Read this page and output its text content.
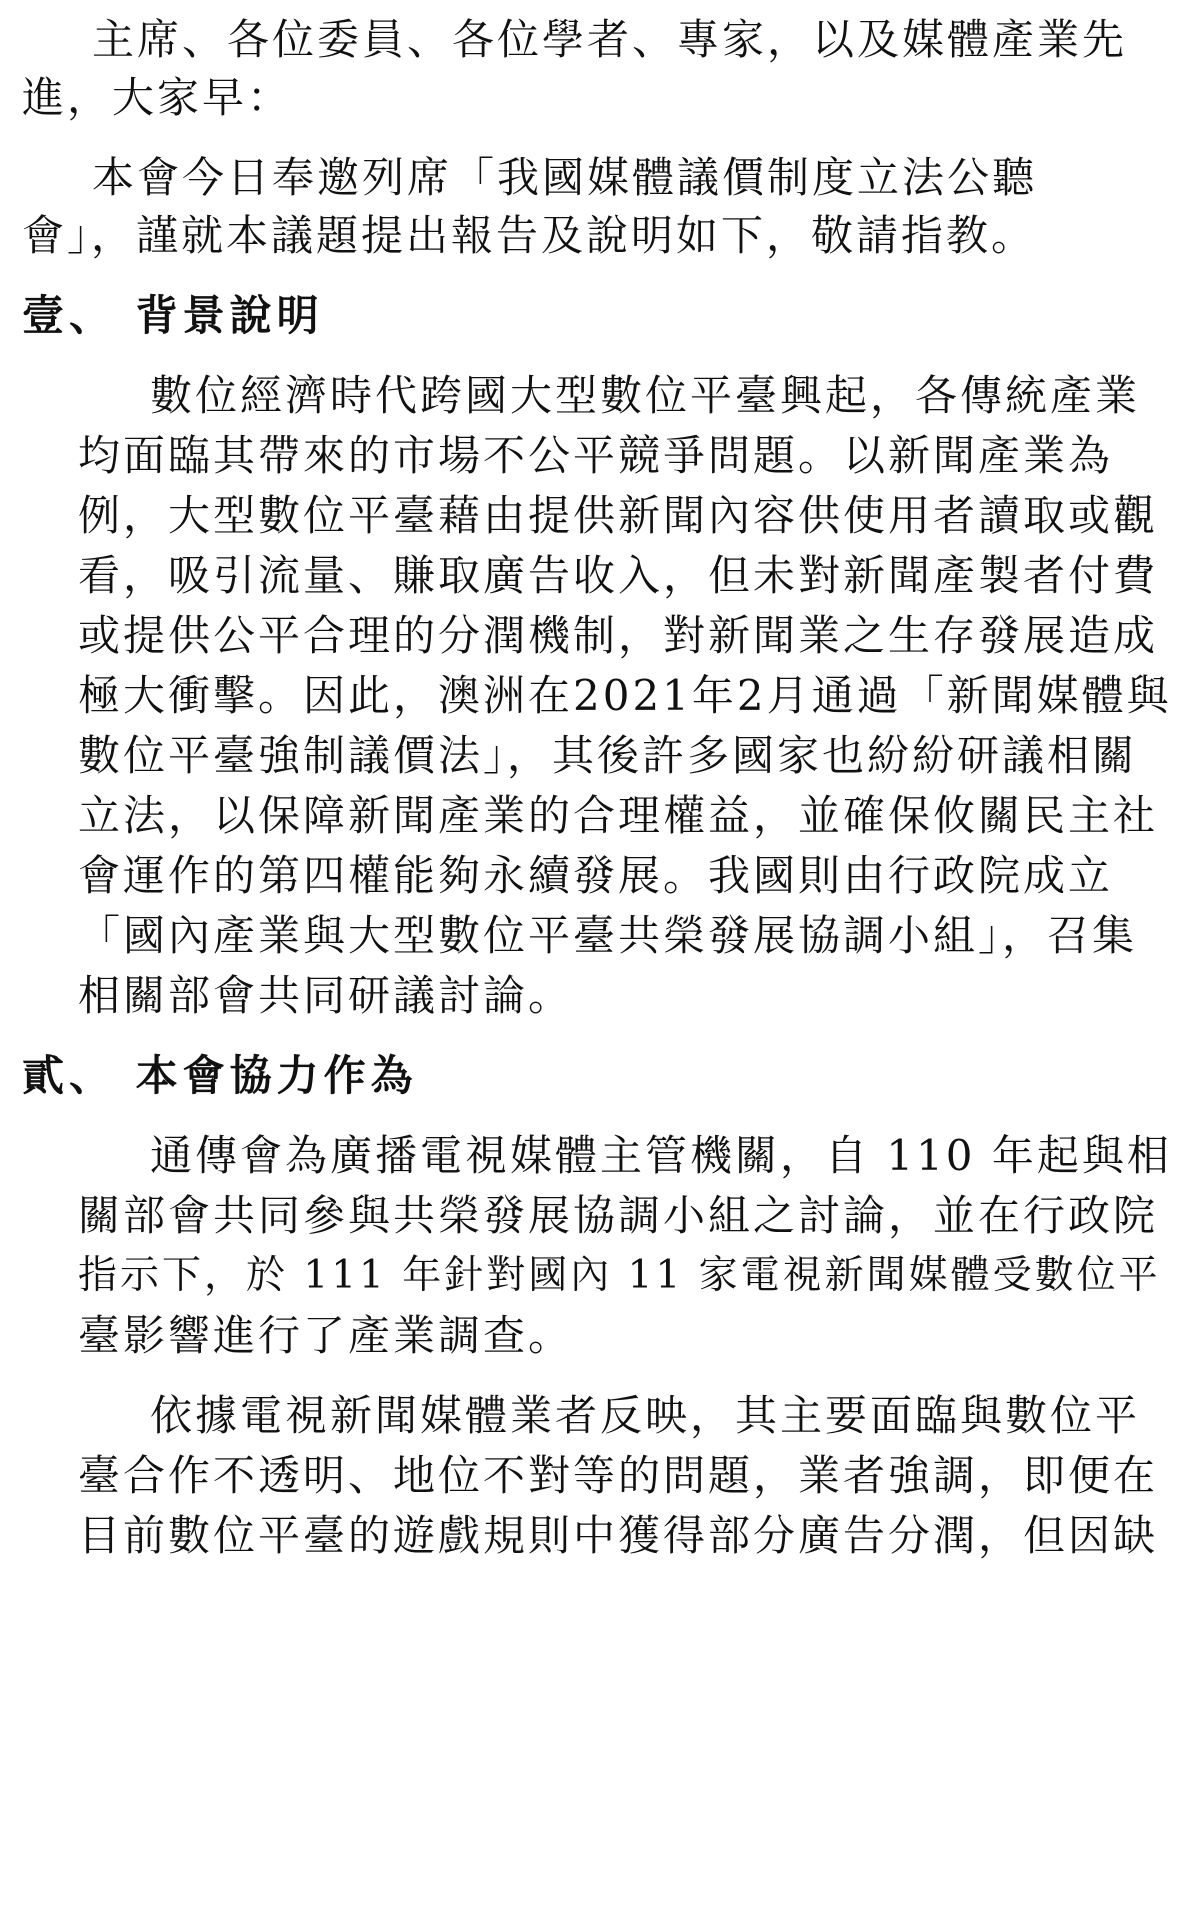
主席、各位委員、各位學者、專家，以及媒體產業先
進，大家早：
本會今日奉邀列席「我國媒體議價制度立法公聽
會」，謹就本議題提出報告及說明如下，敬請指教。
壹、 背景說明
數位經濟時代跨國大型數位平臺興起，各傳統產業
均面臨其帶來的市場不公平競爭問題。以新聞產業為
例，大型數位平臺藉由提供新聞內容供使用者讀取或觀
看，吸引流量、賺取廣告收入，但未對新聞產製者付費
或提供公平合理的分潤機制，對新聞業之生存發展造成
極大衝擊。因此，澳洲在2021年2月通過「新聞媒體與
數位平臺強制議價法」，其後許多國家也紛紛研議相關
立法，以保障新聞產業的合理權益，並確保攸關民主社
會運作的第四權能夠永續發展。我國則由行政院成立
「國內產業與大型數位平臺共榮發展協調小組」，召集
相關部會共同研議討論。
貳、 本會協力作為
通傳會為廣播電視媒體主管機關，自 110 年起與相
關部會共同參與共榮發展協調小組之討論，並在行政院
指示下，於 111 年針對國內 11 家電視新聞媒體受數位平
臺影響進行了產業調查。
依據電視新聞媒體業者反映，其主要面臨與數位平
臺合作不透明、地位不對等的問題，業者強調，即便在
目前數位平臺的遊戲規則中獲得部分廣告分潤，但因缺
